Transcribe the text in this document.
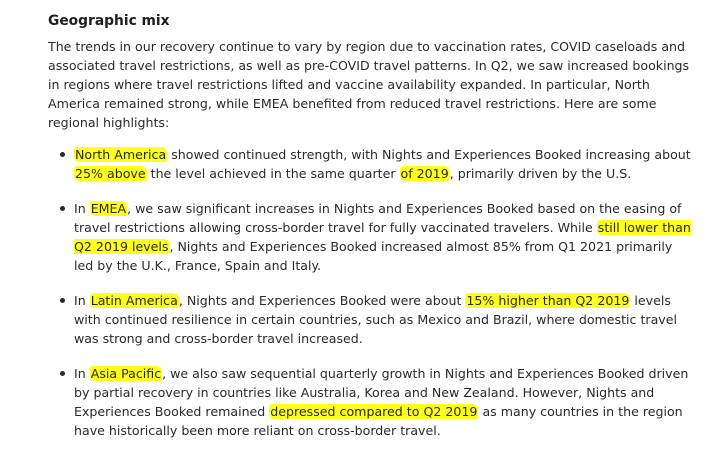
Geographic mix

The trends in our recovery continue to vary by region due to vaccination rates, COVID caseloads and associated travel restrictions, as well as pre-COVID travel patterns. In Q2, we saw increased bookings in regions where travel restrictions lifted and vaccine availability expanded. In particular, North America remained strong, while EMEA benefited from reduced travel restrictions. Here are some regional highlights:

North America showed continued strength, with Nights and Experiences Booked increasing about 25% above the level achieved in the same quarter of 2019, primarily driven by the U.S.
In EMEA, we saw significant increases in Nights and Experiences Booked based on the easing of travel restrictions allowing cross-border travel for fully vaccinated travelers. While still lower than Q2 2019 levels, Nights and Experiences Booked increased almost 85% from Q1 2021 primarily led by the U.K., France, Spain and Italy.
In Latin America, Nights and Experiences Booked were about 15% higher than Q2 2019 levels with continued resilience in certain countries, such as Mexico and Brazil, where domestic travel was strong and cross-border travel increased.
In Asia Pacific, we also saw sequential quarterly growth in Nights and Experiences Booked driven by partial recovery in countries like Australia, Korea and New Zealand. However, Nights and Experiences Booked remained depressed compared to Q2 2019 as many countries in the region have historically been more reliant on cross-border travel.
